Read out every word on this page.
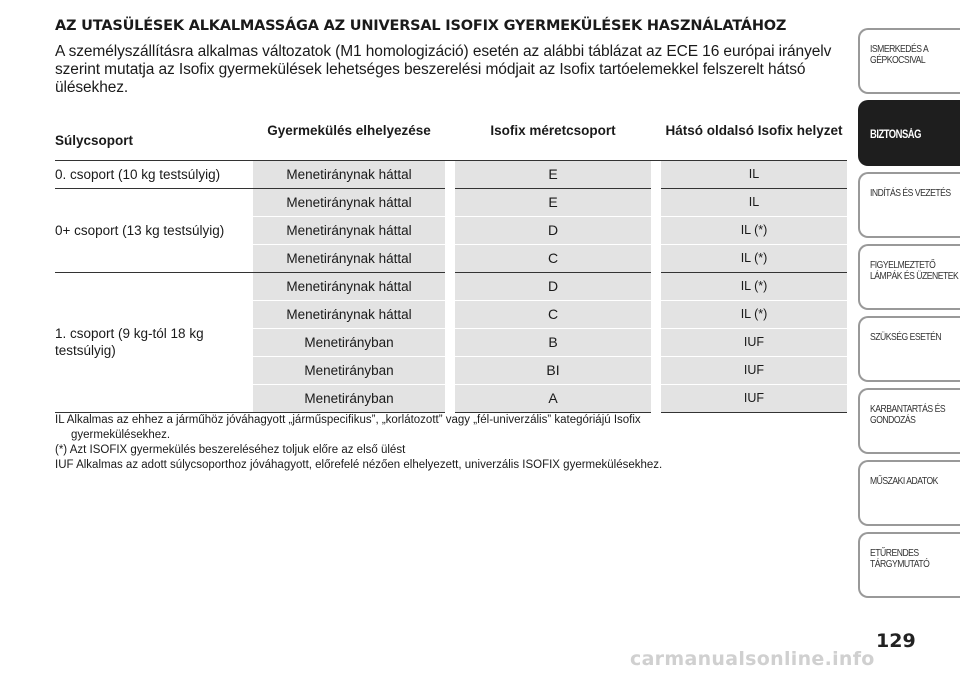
AZ UTASÜLÉSEK ALKALMASSÁGA AZ UNIVERSAL ISOFIX GYERMEKÜLÉSEK HASZNÁLATÁHOZ
A személyszállításra alkalmas változatok (M1 homologizáció) esetén az alábbi táblázat az ECE 16 európai irányelv szerint mutatja az Isofix gyermekülések lehetséges beszerelési módjait az Isofix tartóelemekkel felszerelt hátsó ülésekhez.
Súlycsoport	Gyermekülés elhelyezése		Isofix méretcsoport		Hátsó oldalsó Isofix helyzet
0. csoport (10 kg testsúlyig)	Menetiránynak háttal		E		IL
0+ csoport (13 kg testsúlyig)	Menetiránynak háttal		E		IL
	Menetiránynak háttal		D		IL (*)
	Menetiránynak háttal		C		IL (*)
1. csoport (9 kg-tól 18 kg testsúlyig)	Menetiránynak háttal		D		IL (*)
	Menetiránynak háttal		C		IL (*)
	Menetirányban		B		IUF
	Menetirányban		BI		IUF
	Menetirányban		A		IUF
IL Alkalmas az ehhez a járműhöz jóváhagyott „járműspecifikus”, „korlátozott” vagy „fél-univerzális” kategóriájú Isofix
gyermekülésekhez.
(*) Azt ISOFIX gyermekülés beszereléséhez toljuk előre az első ülést
IUF Alkalmas az adott súlycsoporthoz jóváhagyott, előrefelé nézően elhelyezett, univerzális ISOFIX gyermekülésekhez.
ISMERKEDÉS A GÉPKOCSIVAL
BIZTONSÁG
INDÍTÁS ÉS VEZETÉS
FIGYELMEZTETŐ LÁMPÁK ÉS ÜZENETEK
SZÜKSÉG ESETÉN
KARBANTARTÁS ÉS GONDOZÁS
MŰSZAKI ADATOK
ETŰRENDES TÁRGYMUTATÓ
129
carmanualsonline.info
